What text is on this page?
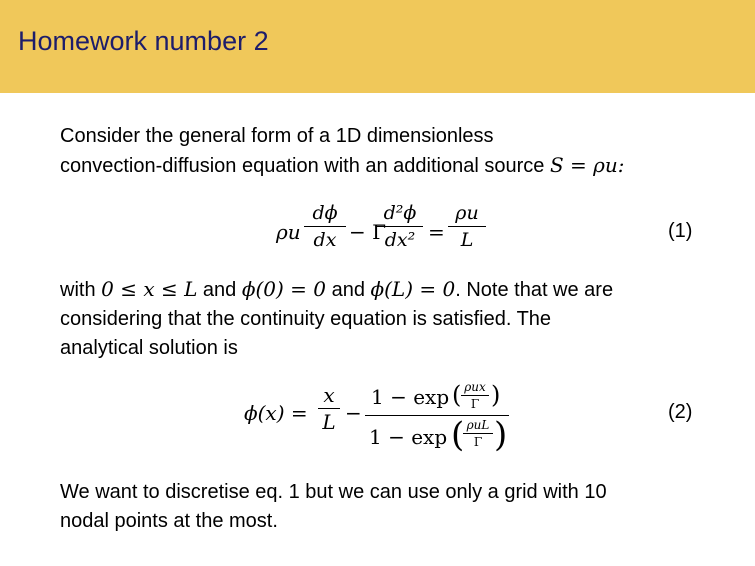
Homework number 2
Consider the general form of a 1D dimensionless
convection-diffusion equation with an additional source S = ρu:
ρu
dϕ
dx − Γ
d²ϕ
dx² =
ρu
L	(1)
with 0 ≤ x ≤ L and ϕ(0) = 0 and ϕ(L) = 0. Note that we are
considering that the continuity equation is satisfied. The
analytical solution is
ϕ(x) =
x
L −
1 − exp ( ρux
Γ )
1 − exp ( ρuL
Γ )
(2)
We want to discretise eq. 1 but we can use only a grid with 10
nodal points at the most.
